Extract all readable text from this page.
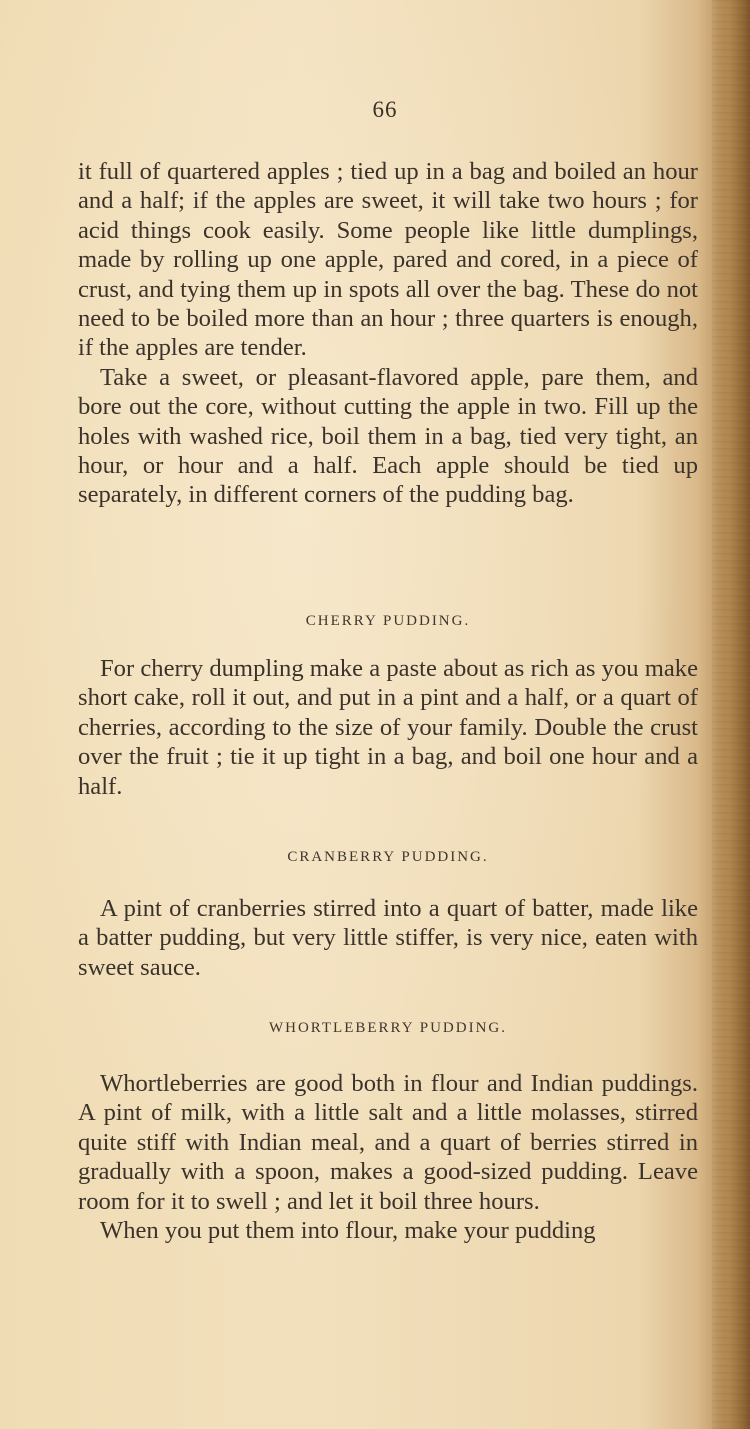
66

it full of quartered apples ; tied up in a bag and boiled an hour and a half; if the apples are sweet, it will take two hours ; for acid things cook easily. Some people like little dumplings, made by rolling up one apple, pared and cored, in a piece of crust, and tying them up in spots all over the bag. These do not need to be boiled more than an hour ; three quarters is enough, if the apples are tender.

Take a sweet, or pleasant-flavored apple, pare them, and bore out the core, without cutting the apple in two. Fill up the holes with washed rice, boil them in a bag, tied very tight, an hour, or hour and a half. Each apple should be tied up separately, in different corners of the pudding bag.

CHERRY PUDDING.

For cherry dumpling make a paste about as rich as you make short cake, roll it out, and put in a pint and a half, or a quart of cherries, according to the size of your family. Double the crust over the fruit ; tie it up tight in a bag, and boil one hour and a half.

CRANBERRY PUDDING.

A pint of cranberries stirred into a quart of batter, made like a batter pudding, but very little stiffer, is very nice, eaten with sweet sauce.

WHORTLEBERRY PUDDING.

Whortleberries are good both in flour and Indian puddings. A pint of milk, with a little salt and a little molasses, stirred quite stiff with Indian meal, and a quart of berries stirred in gradually with a spoon, makes a good-sized pudding. Leave room for it to swell ; and let it boil three hours.

When you put them into flour, make your pudding
